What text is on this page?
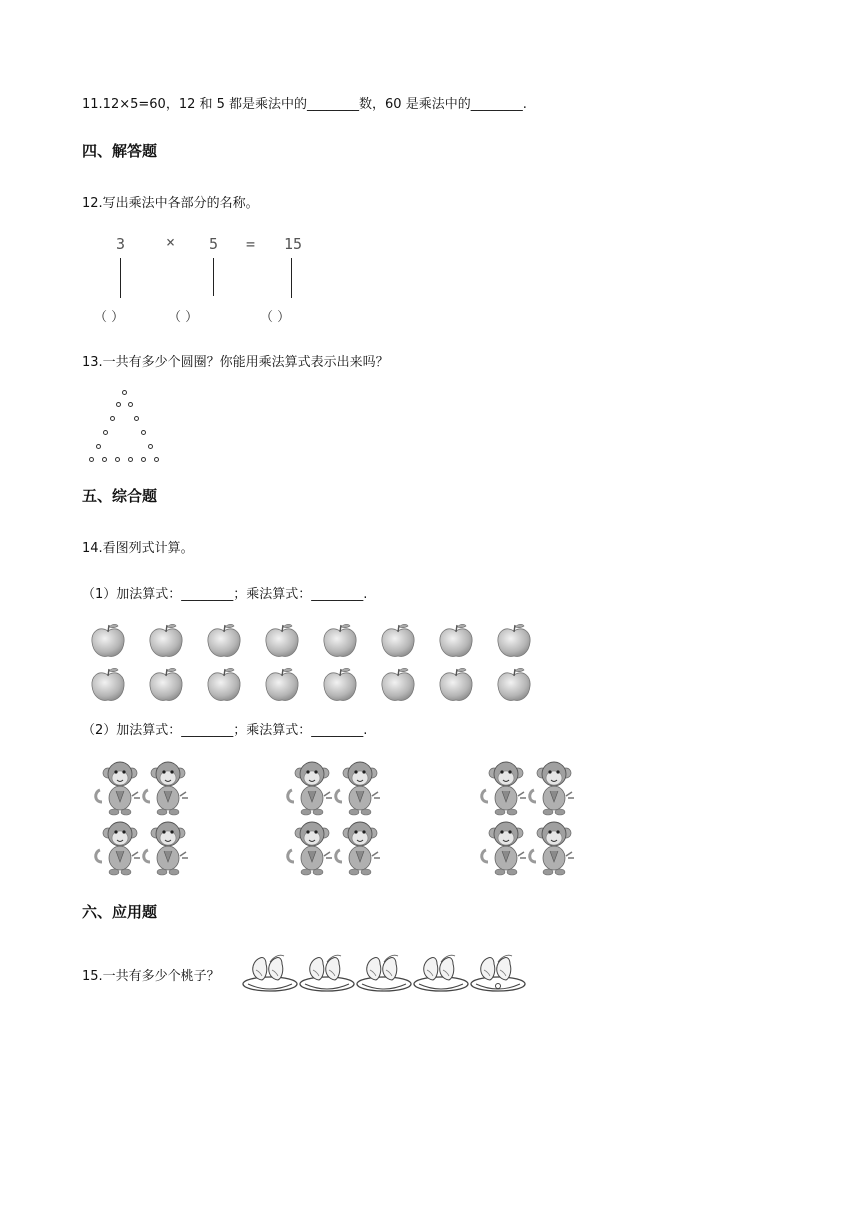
11.12×5=60，12 和 5 都是乘法中的________数，60 是乘法中的________.
四、解答题
12.写出乘法中各部分的名称。
3	× 5 = 15
（ ）	（ ）	（ ）
13.一共有多少个圆圈？你能用乘法算式表示出来吗？
五、综合题
14.看图列式计算。
（1）加法算式：________；乘法算式：________.
（2）加法算式：________；乘法算式：________.
六、应用题
15.一共有多少个桃子？
